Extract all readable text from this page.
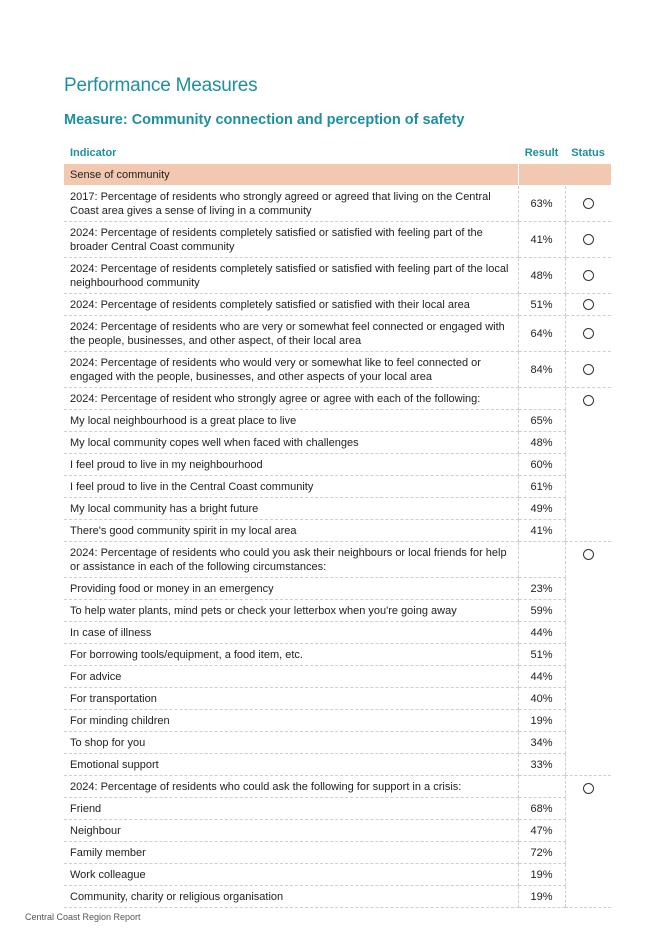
Performance Measures
Measure: Community connection and perception of safety
Indicator	Result	Status
Sense of community		
2017: Percentage of residents who strongly agreed or agreed that living on the Central Coast area gives a sense of living in a community	63%	
2024: Percentage of residents completely satisfied or satisfied with feeling part of the broader Central Coast community	41%	
2024: Percentage of residents completely satisfied or satisfied with feeling part of the local neighbourhood community	48%	
2024: Percentage of residents completely satisfied or satisfied with their local area	51%	
2024: Percentage of residents who are very or somewhat feel connected or engaged with the people, businesses, and other aspect, of their local area	64%	
2024: Percentage of residents who would very or somewhat like to feel connected or engaged with the people, businesses, and other aspects of your local area	84%	
2024: Percentage of resident who strongly agree or agree with each of the following:		
My local neighbourhood is a great place to live	65%	
My local community copes well when faced with challenges	48%	
I feel proud to live in my neighbourhood	60%	
I feel proud to live in the Central Coast community	61%	
My local community has a bright future	49%	
There's good community spirit in my local area	41%	
2024: Percentage of residents who could you ask their neighbours or local friends for help or assistance in each of the following circumstances:		
Providing food or money in an emergency	23%	
To help water plants, mind pets or check your letterbox when you're going away	59%	
In case of illness	44%	
For borrowing tools/equipment, a food item, etc.	51%	
For advice	44%	
For transportation	40%	
For minding children	19%	
To shop for you	34%	
Emotional support	33%	
2024: Percentage of residents who could ask the following for support in a crisis:		
Friend	68%	
Neighbour	47%	
Family member	72%	
Work colleague	19%	
Community, charity or religious organisation	19%	
Central Coast Region Report
